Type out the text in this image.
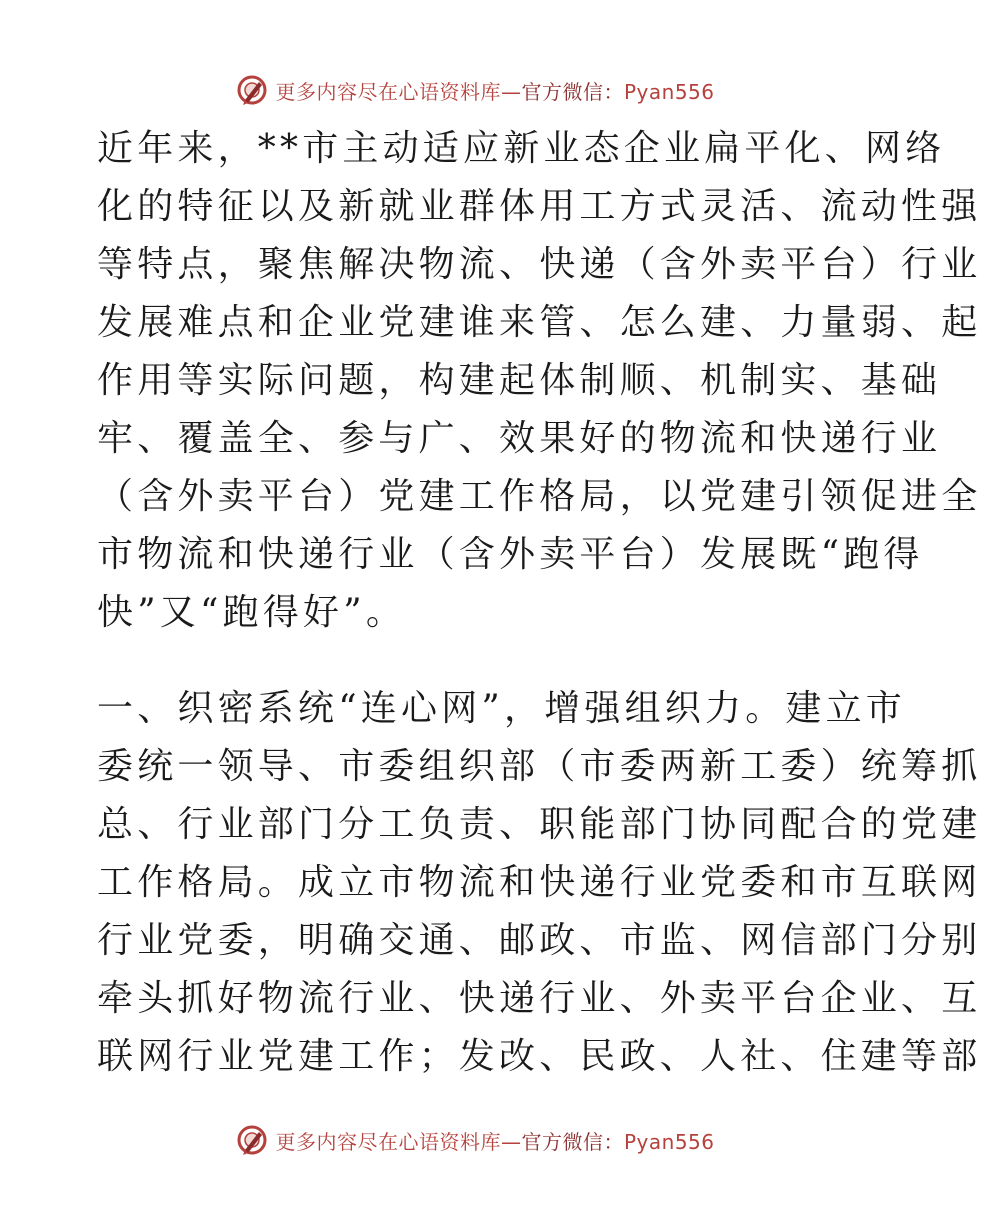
更多内容尽在心语资料库—官方微信：Pyan556
近年来，**市主动适应新业态企业扁平化、网络
化的特征以及新就业群体用工方式灵活、流动性强
等特点，聚焦解决物流、快递（含外卖平台）行业
发展难点和企业党建谁来管、怎么建、力量弱、起
作用等实际问题，构建起体制顺、机制实、基础
牢、覆盖全、参与广、效果好的物流和快递行业
（含外卖平台）党建工作格局，以党建引领促进全
市物流和快递行业（含外卖平台）发展既“跑得
快”又“跑得好”。
一、织密系统“连心网”，增强组织力。建立市
委统一领导、市委组织部（市委两新工委）统筹抓
总、行业部门分工负责、职能部门协同配合的党建
工作格局。成立市物流和快递行业党委和市互联网
行业党委，明确交通、邮政、市监、网信部门分别
牵头抓好物流行业、快递行业、外卖平台企业、互
联网行业党建工作；发改、民政、人社、住建等部
更多内容尽在心语资料库—官方微信：Pyan556
